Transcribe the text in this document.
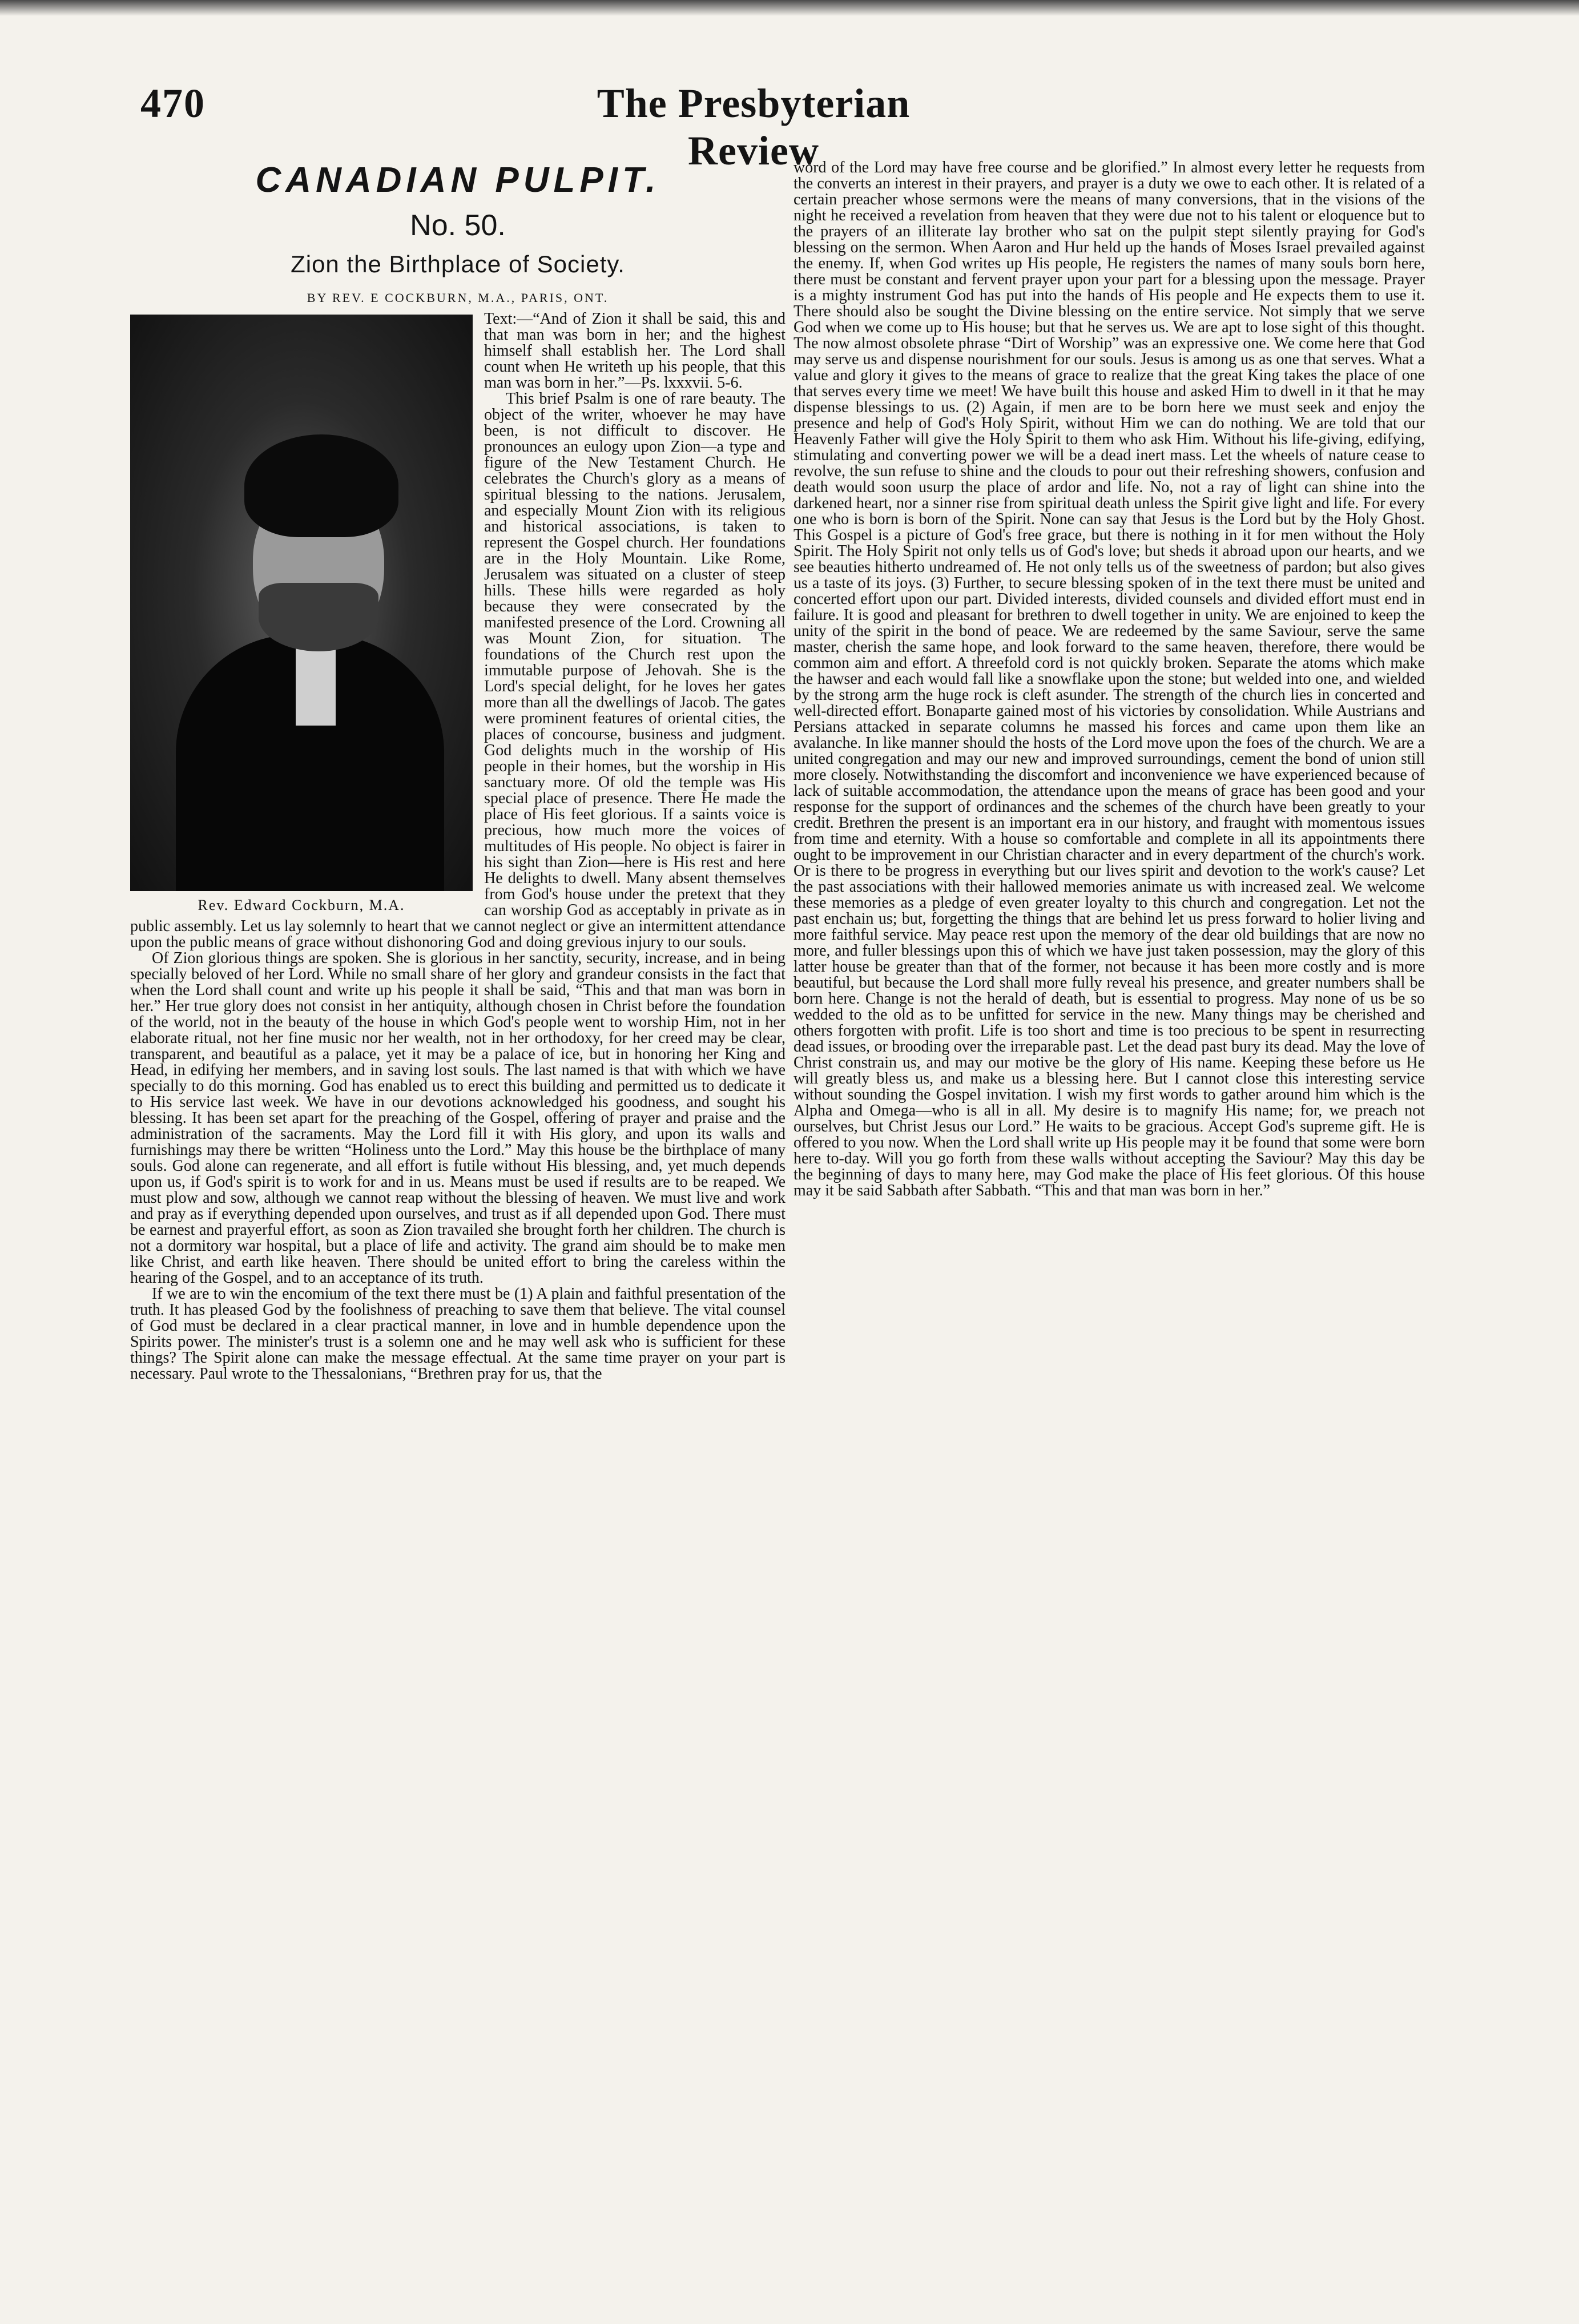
470	The Presbyterian Review
CANADIAN PULPIT.
No. 50.
Zion the Birthplace of Society.
BY REV. E COCKBURN, M.A., PARIS, ONT.
Rev. Edward Cockburn, M.A.

Text:—“And of Zion it shall be said, this and that man was born in her; and the highest himself shall establish her. The Lord shall count when He writeth up his people, that this man was born in her.”—Ps. lxxxvii. 5-6.

This brief Psalm is one of rare beauty. The object of the writer, whoever he may have been, is not difficult to discover. He pronounces an eulogy upon Zion—a type and figure of the New Testament Church. He celebrates the Church's glory as a means of spiritual blessing to the nations. Jerusalem, and especially Mount Zion with its religious and historical associations, is taken to represent the Gospel church. Her foundations are in the Holy Mountain. Like Rome, Jerusalem was situated on a cluster of steep hills. These hills were regarded as holy because they were consecrated by the manifested presence of the Lord. Crowning all was Mount Zion, for situation. The foundations of the Church rest upon the immutable purpose of Jehovah. She is the Lord's special delight, for he loves her gates more than all the dwellings of Jacob. The gates were prominent features of oriental cities, the places of concourse, business and judgment. God delights much in the worship of His people in their homes, but the worship in His sanctuary more. Of old the temple was His special place of presence. There He made the place of His feet glorious. If a saints voice is precious, how much more the voices of multitudes of His people. No object is fairer in his sight than Zion—here is His rest and here He delights to dwell. Many absent themselves from God's house under the pretext that they can worship God as acceptably in private as in public assembly. Let us lay solemnly to heart that we cannot neglect or give an intermittent attendance upon the public means of grace without dishonoring God and doing grevious injury to our souls.

Of Zion glorious things are spoken. She is glorious in her sanctity, security, increase, and in being specially beloved of her Lord. While no small share of her glory and grandeur consists in the fact that when the Lord shall count and write up his people it shall be said, “This and that man was born in her.” Her true glory does not consist in her antiquity, although chosen in Christ before the foundation of the world, not in the beauty of the house in which God's people went to worship Him, not in her elaborate ritual, not her fine music nor her wealth, not in her orthodoxy, for her creed may be clear, transparent, and beautiful as a palace, yet it may be a palace of ice, but in honoring her King and Head, in edifying her members, and in saving lost souls. The last named is that with which we have specially to do this morning. God has enabled us to erect this building and permitted us to dedicate it to His service last week. We have in our devotions acknowledged his goodness, and sought his blessing. It has been set apart for the preaching of the Gospel, offering of prayer and praise and the administration of the sacraments. May the Lord fill it with His glory, and upon its walls and furnishings may there be written “Holiness unto the Lord.” May this house be the birthplace of many souls. God alone can regenerate, and all effort is futile without His blessing, and, yet much depends upon us, if God's spirit is to work for and in us. Means must be used if results are to be reaped. We must plow and sow, although we cannot reap without the blessing of heaven. We must live and work and pray as if everything depended upon ourselves, and trust as if all depended upon God. There must be earnest and prayerful effort, as soon as Zion travailed she brought forth her children. The church is not a dormitory war hospital, but a place of life and activity. The grand aim should be to make men like Christ, and earth like heaven. There should be united effort to bring the careless within the hearing of the Gospel, and to an acceptance of its truth.

If we are to win the encomium of the text there must be (1) A plain and faithful presentation of the truth. It has pleased God by the foolishness of preaching to save them that believe. The vital counsel of God must be declared in a clear practical manner, in love and in humble dependence upon the Spirits power. The minister's trust is a solemn one and he may well ask who is sufficient for these things? The Spirit alone can make the message effectual. At the same time prayer on your part is necessary. Paul wrote to the Thessalonians, “Brethren pray for us, that the

word of the Lord may have free course and be glorified.” In almost every letter he requests from the converts an interest in their prayers, and prayer is a duty we owe to each other. It is related of a certain preacher whose sermons were the means of many conversions, that in the visions of the night he received a revelation from heaven that they were due not to his talent or eloquence but to the prayers of an illiterate lay brother who sat on the pulpit stept silently praying for God's blessing on the sermon. When Aaron and Hur held up the hands of Moses Israel prevailed against the enemy. If, when God writes up His people, He registers the names of many souls born here, there must be constant and fervent prayer upon your part for a blessing upon the message. Prayer is a mighty instrument God has put into the hands of His people and He expects them to use it. There should also be sought the Divine blessing on the entire service. Not simply that we serve God when we come up to His house; but that he serves us. We are apt to lose sight of this thought. The now almost obsolete phrase “Dirt of Worship” was an expressive one. We come here that God may serve us and dispense nourishment for our souls. Jesus is among us as one that serves. What a value and glory it gives to the means of grace to realize that the great King takes the place of one that serves every time we meet! We have built this house and asked Him to dwell in it that he may dispense blessings to us. (2) Again, if men are to be born here we must seek and enjoy the presence and help of God's Holy Spirit, without Him we can do nothing. We are told that our Heavenly Father will give the Holy Spirit to them who ask Him. Without his life-giving, edifying, stimulating and converting power we will be a dead inert mass. Let the wheels of nature cease to revolve, the sun refuse to shine and the clouds to pour out their refreshing showers, confusion and death would soon usurp the place of ardor and life. No, not a ray of light can shine into the darkened heart, nor a sinner rise from spiritual death unless the Spirit give light and life. For every one who is born is born of the Spirit. None can say that Jesus is the Lord but by the Holy Ghost. This Gospel is a picture of God's free grace, but there is nothing in it for men without the Holy Spirit. The Holy Spirit not only tells us of God's love; but sheds it abroad upon our hearts, and we see beauties hitherto undreamed of. He not only tells us of the sweetness of pardon; but also gives us a taste of its joys. (3) Further, to secure blessing spoken of in the text there must be united and concerted effort upon our part. Divided interests, divided counsels and divided effort must end in failure. It is good and pleasant for brethren to dwell together in unity. We are enjoined to keep the unity of the spirit in the bond of peace. We are redeemed by the same Saviour, serve the same master, cherish the same hope, and look forward to the same heaven, therefore, there would be common aim and effort. A threefold cord is not quickly broken. Separate the atoms which make the hawser and each would fall like a snowflake upon the stone; but welded into one, and wielded by the strong arm the huge rock is cleft asunder. The strength of the church lies in concerted and well-directed effort. Bonaparte gained most of his victories by consolidation. While Austrians and Persians attacked in separate columns he massed his forces and came upon them like an avalanche. In like manner should the hosts of the Lord move upon the foes of the church. We are a united congregation and may our new and improved surroundings, cement the bond of union still more closely. Notwithstanding the discomfort and inconvenience we have experienced because of lack of suitable accommodation, the attendance upon the means of grace has been good and your response for the support of ordinances and the schemes of the church have been greatly to your credit. Brethren the present is an important era in our history, and fraught with momentous issues from time and eternity. With a house so comfortable and complete in all its appointments there ought to be improvement in our Christian character and in every department of the church's work. Or is there to be progress in everything but our lives spirit and devotion to the work's cause? Let the past associations with their hallowed memories animate us with increased zeal. We welcome these memories as a pledge of even greater loyalty to this church and congregation. Let not the past enchain us; but, forgetting the things that are behind let us press forward to holier living and more faithful service. May peace rest upon the memory of the dear old buildings that are now no more, and fuller blessings upon this of which we have just taken possession, may the glory of this latter house be greater than that of the former, not because it has been more costly and is more beautiful, but because the Lord shall more fully reveal his presence, and greater numbers shall be born here. Change is not the herald of death, but is essential to progress. May none of us be so wedded to the old as to be unfitted for service in the new. Many things may be cherished and others forgotten with profit. Life is too short and time is too precious to be spent in resurrecting dead issues, or brooding over the irreparable past. Let the dead past bury its dead. May the love of Christ constrain us, and may our motive be the glory of His name. Keeping these before us He will greatly bless us, and make us a blessing here. But I cannot close this interesting service without sounding the Gospel invitation. I wish my first words to gather around him which is the Alpha and Omega—who is all in all. My desire is to magnify His name; for, we preach not ourselves, but Christ Jesus our Lord.” He waits to be gracious. Accept God's supreme gift. He is offered to you now. When the Lord shall write up His people may it be found that some were born here to-day. Will you go forth from these walls without accepting the Saviour? May this day be the beginning of days to many here, may God make the place of His feet glorious. Of this house may it be said Sabbath after Sabbath. “This and that man was born in her.”
